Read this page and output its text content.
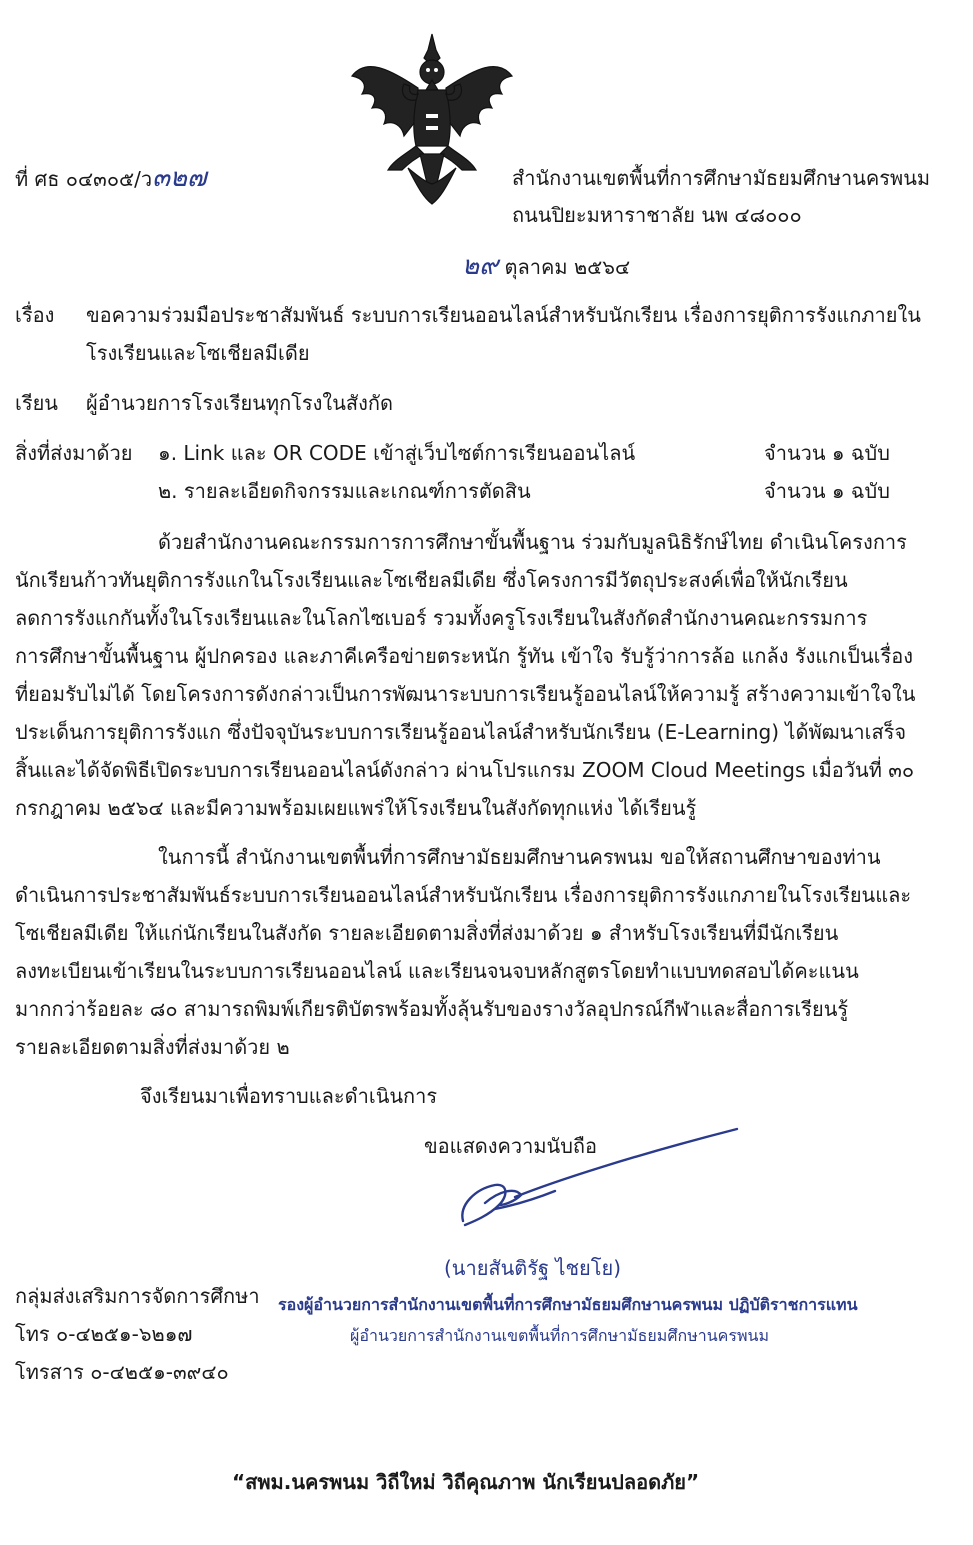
ที่ ศธ ๐๔๓๐๕/ว๓๒๗	สำนักงานเขตพื้นที่การศึกษามัธยมศึกษานครพนม
ถนนปิยะมหาราชาลัย นพ ๔๘๐๐๐
๒๙ ตุลาคม ๒๕๖๔
เรื่อง ขอความร่วมมือประชาสัมพันธ์ ระบบการเรียนออนไลน์สำหรับนักเรียน เรื่องการยุติการรังแกภายใน
โรงเรียนและโซเชียลมีเดีย
เรียน ผู้อำนวยการโรงเรียนทุกโรงในสังกัด
สิ่งที่ส่งมาด้วย ๑. Link และ OR CODE เข้าสู่เว็บไซต์การเรียนออนไลน์	จำนวน ๑ ฉบับ
๒. รายละเอียดกิจกรรมและเกณฑ์การตัดสิน	จำนวน ๑ ฉบับ
ด้วยสำนักงานคณะกรรมการการศึกษาขั้นพื้นฐาน ร่วมกับมูลนิธิรักษ์ไทย ดำเนินโครงการ
นักเรียนก้าวทันยุติการรังแกในโรงเรียนและโซเชียลมีเดีย ซึ่งโครงการมีวัตถุประสงค์เพื่อให้นักเรียน
ลดการรังแกกันทั้งในโรงเรียนและในโลกไซเบอร์ รวมทั้งครูโรงเรียนในสังกัดสำนักงานคณะกรรมการ
การศึกษาขั้นพื้นฐาน ผู้ปกครอง และภาคีเครือข่ายตระหนัก รู้ทัน เข้าใจ รับรู้ว่าการล้อ แกล้ง รังแกเป็นเรื่อง
ที่ยอมรับไม่ได้ โดยโครงการดังกล่าวเป็นการพัฒนาระบบการเรียนรู้ออนไลน์ให้ความรู้ สร้างความเข้าใจใน
ประเด็นการยุติการรังแก ซึ่งปัจจุบันระบบการเรียนรู้ออนไลน์สำหรับนักเรียน (E-Learning) ได้พัฒนาเสร็จ
สิ้นและได้จัดพิธีเปิดระบบการเรียนออนไลน์ดังกล่าว ผ่านโปรแกรม ZOOM Cloud Meetings เมื่อวันที่ ๓๐
กรกฎาคม ๒๕๖๔ และมีความพร้อมเผยแพร่ให้โรงเรียนในสังกัดทุกแห่ง ได้เรียนรู้
ในการนี้ สำนักงานเขตพื้นที่การศึกษามัธยมศึกษานครพนม ขอให้สถานศึกษาของท่าน
ดำเนินการประชาสัมพันธ์ระบบการเรียนออนไลน์สำหรับนักเรียน เรื่องการยุติการรังแกภายในโรงเรียนและ
โซเชียลมีเดีย ให้แก่นักเรียนในสังกัด รายละเอียดตามสิ่งที่ส่งมาด้วย ๑ สำหรับโรงเรียนที่มีนักเรียน
ลงทะเบียนเข้าเรียนในระบบการเรียนออนไลน์ และเรียนจนจบหลักสูตรโดยทำแบบทดสอบได้คะแนน
มากกว่าร้อยละ ๘๐ สามารถพิมพ์เกียรติบัตรพร้อมทั้งลุ้นรับของรางวัลอุปกรณ์กีฬาและสื่อการเรียนรู้
รายละเอียดตามสิ่งที่ส่งมาด้วย ๒
จึงเรียนมาเพื่อทราบและดำเนินการ
ขอแสดงความนับถือ
(นายสันติรัฐ ไชยโย)
รองผู้อำนวยการสำนักงานเขตพื้นที่การศึกษามัธยมศึกษานครพนม ปฏิบัติราชการแทน
ผู้อำนวยการสำนักงานเขตพื้นที่การศึกษามัธยมศึกษานครพนม
กลุ่มส่งเสริมการจัดการศึกษา
โทร ๐-๔๒๕๑-๖๒๑๗
โทรสาร ๐-๔๒๕๑-๓๙๔๐
“สพม.นครพนม วิถีใหม่ วิถีคุณภาพ นักเรียนปลอดภัย”
